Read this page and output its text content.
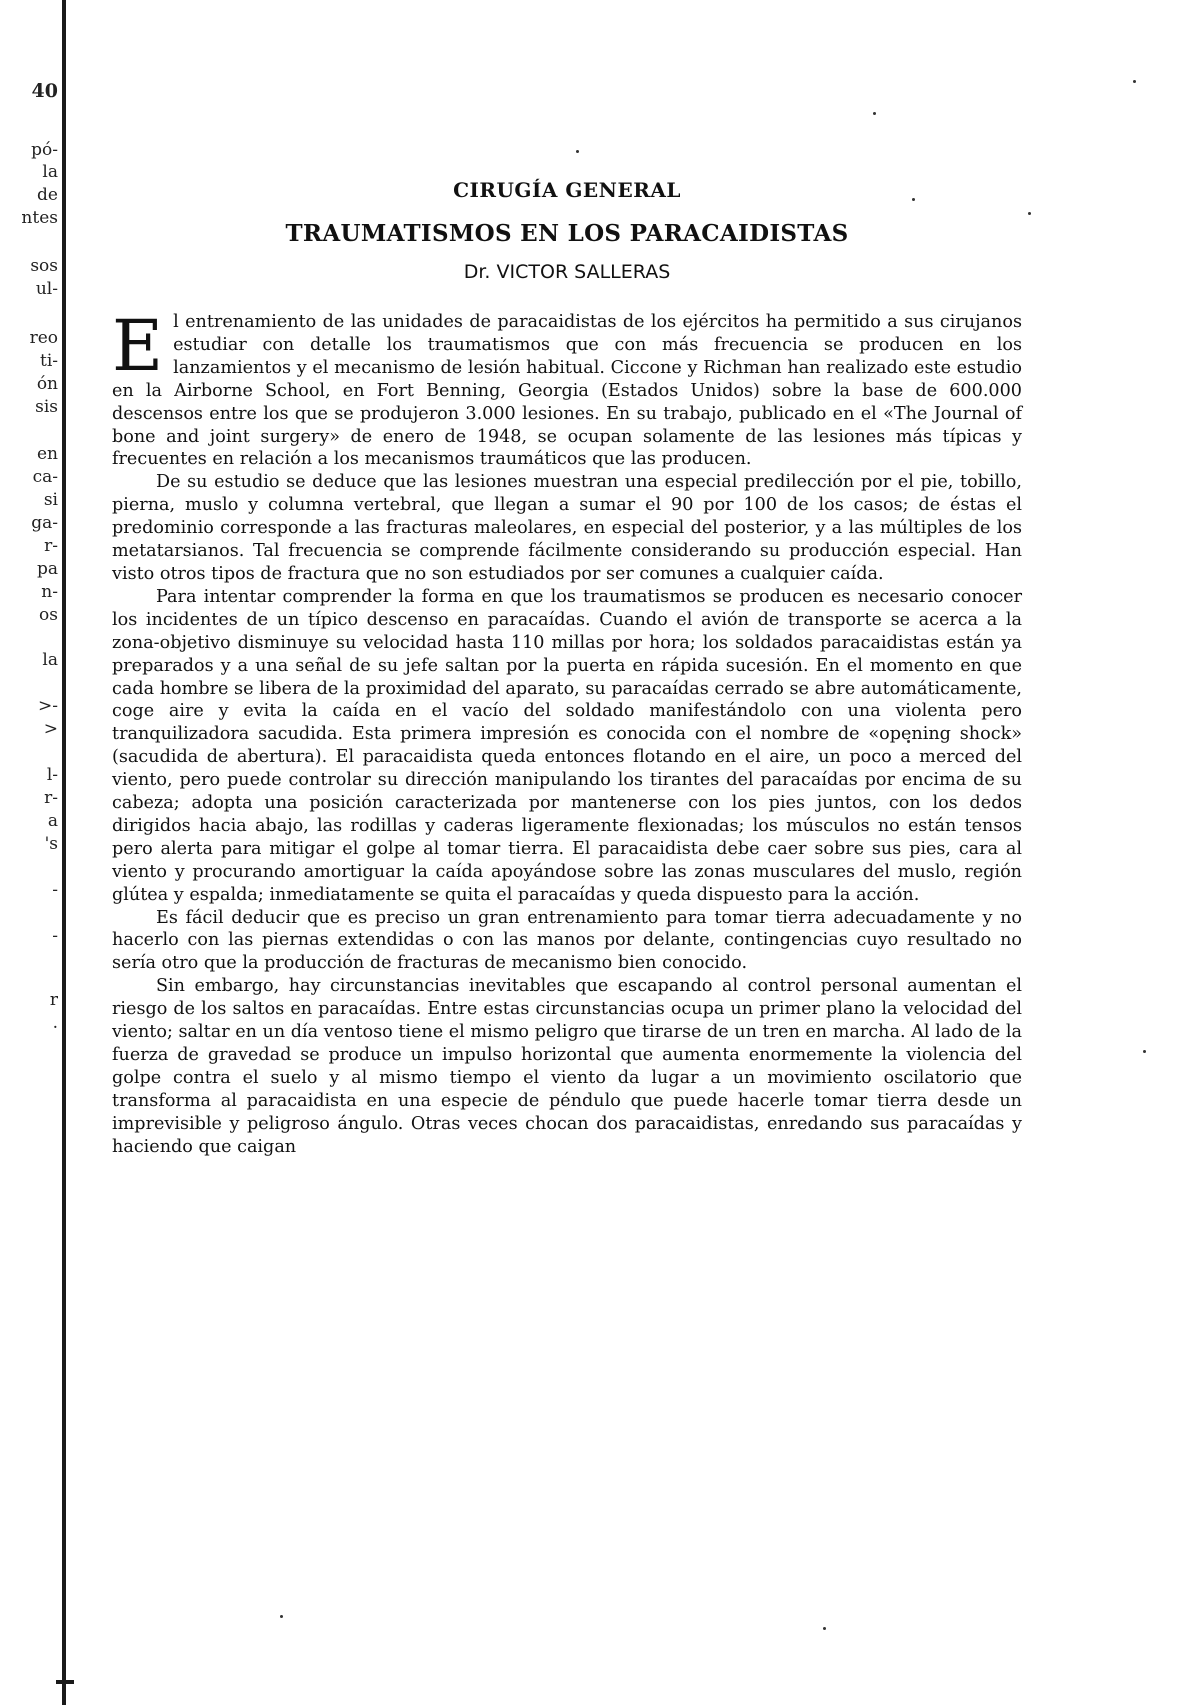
40
pó-
la
de
ntes
sos
ul-
reo
ti-
ón
sis
en
ca-
si
ga-
r-
pa
n-
os
la
>-
>
l-
r-
a
's
-
-
r
.
CIRUGÍA GENERAL
TRAUMATISMOS EN LOS PARACAIDISTAS
Dr. VICTOR SALLERAS

El entrenamiento de las unidades de paracaidistas de los ejércitos ha permitido a sus cirujanos estudiar con detalle los traumatismos que con más frecuencia se producen en los lanzamientos y el mecanismo de lesión habitual. Ciccone y Richman han realizado este estudio en la Airborne School, en Fort Benning, Georgia (Estados Unidos) sobre la base de 600.000 descensos entre los que se produjeron 3.000 lesiones. En su trabajo, publicado en el «The Journal of bone and joint surgery» de enero de 1948, se ocupan solamente de las lesiones más típicas y frecuentes en relación a los mecanismos traumáticos que las producen.

De su estudio se deduce que las lesiones muestran una especial predilección por el pie, tobillo, pierna, muslo y columna vertebral, que llegan a sumar el 90 por 100 de los casos; de éstas el predominio corresponde a las fracturas maleolares, en especial del posterior, y a las múltiples de los metatarsianos. Tal frecuencia se comprende fácilmente considerando su producción especial. Han visto otros tipos de fractura que no son estudiados por ser comunes a cualquier caída.

Para intentar comprender la forma en que los traumatismos se producen es necesario conocer los incidentes de un típico descenso en paracaídas. Cuando el avión de transporte se acerca a la zona-objetivo disminuye su velocidad hasta 110 millas por hora; los soldados paracaidistas están ya preparados y a una señal de su jefe saltan por la puerta en rápida sucesión. En el momento en que cada hombre se libera de la proximidad del aparato, su paracaídas cerrado se abre automáticamente, coge aire y evita la caída en el vacío del soldado manifestándolo con una violenta pero tranquilizadora sacudida. Esta primera impresión es conocida con el nombre de «opening shock» (sacudida de abertura). El paracaidista queda entonces flotando en el aire, un poco a merced del viento, pero puede controlar su dirección manipulando los tirantes del paracaídas por encima de su cabeza; adopta una posición caracterizada por mantenerse con los pies juntos, con los dedos dirigidos hacia abajo, las rodillas y caderas ligeramente flexionadas; los músculos no están tensos pero alerta para mitigar el golpe al tomar tierra. El paracaidista debe caer sobre sus pies, cara al viento y procurando amortiguar la caída apoyándose sobre las zonas musculares del muslo, región glútea y espalda; inmediatamente se quita el paracaídas y queda dispuesto para la acción.

Es fácil deducir que es preciso un gran entrenamiento para tomar tierra adecuadamente y no hacerlo con las piernas extendidas o con las manos por delante, contingencias cuyo resultado no sería otro que la producción de fracturas de mecanismo bien conocido.

Sin embargo, hay circunstancias inevitables que escapando al control personal aumentan el riesgo de los saltos en paracaídas. Entre estas circunstancias ocupa un primer plano la velocidad del viento; saltar en un día ventoso tiene el mismo peligro que tirarse de un tren en marcha. Al lado de la fuerza de gravedad se produce un impulso horizontal que aumenta enormemente la violencia del golpe contra el suelo y al mismo tiempo el viento da lugar a un movimiento oscilatorio que transforma al paracaidista en una especie de péndulo que puede hacerle tomar tierra desde un imprevisible y peligroso ángulo. Otras veces chocan dos paracaidistas, enredando sus paracaídas y haciendo que caigan
